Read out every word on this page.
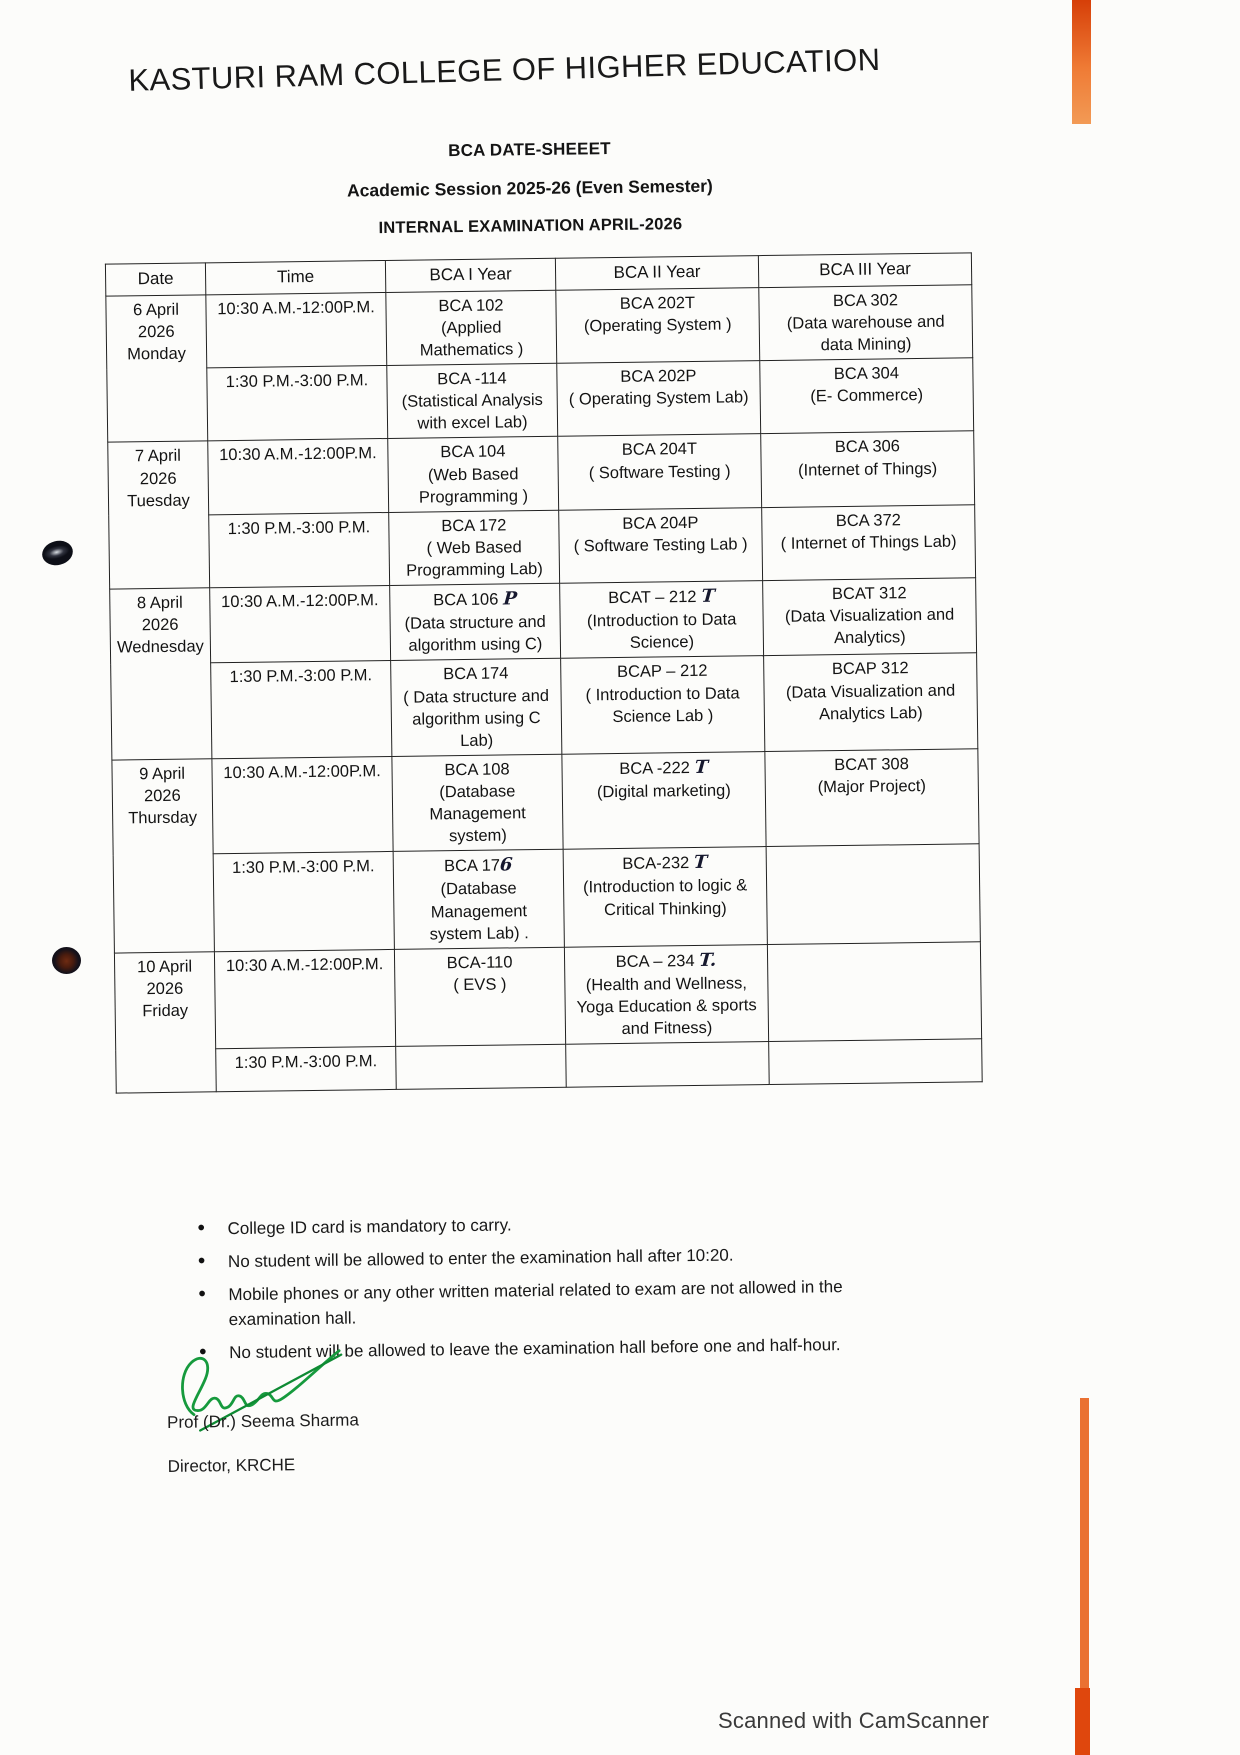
KASTURI RAM COLLEGE OF HIGHER EDUCATION
BCA DATE-SHEEET
Academic Session 2025-26 (Even Semester)
INTERNAL EXAMINATION APRIL-2026
Date	Time	BCA I Year	BCA II Year	BCA III Year

6 April
2026
Monday	10:30 A.M.-12:00P.M.	BCA 102
(Applied
Mathematics )	BCA 202T
(Operating System )	BCA 302
(Data warehouse and
data Mining)

	1:30 P.M.-3:00 P.M.	BCA -114
(Statistical Analysis
with excel Lab)	BCA 202P
( Operating System Lab)	BCA 304
(E- Commerce)

7 April
2026
Tuesday	10:30 A.M.-12:00P.M.	BCA 104
(Web Based
Programming )	BCA 204T
( Software Testing )	BCA 306
(Internet of Things)

	1:30 P.M.-3:00 P.M.	BCA 172
( Web Based
Programming Lab)	BCA 204P
( Software Testing Lab )	BCA 372
( Internet of Things Lab)

8 April
2026
Wednesday	10:30 A.M.-12:00P.M.	BCA 106 P
(Data structure and
algorithm using C)	BCAT – 212 T
(Introduction to Data
Science)	BCAT 312
(Data Visualization and
Analytics)

	1:30 P.M.-3:00 P.M.	BCA 174
( Data structure and
algorithm using C
Lab)	BCAP – 212
( Introduction to Data
Science Lab )	BCAP 312
(Data Visualization and
Analytics Lab)

9 April
2026
Thursday	10:30 A.M.-12:00P.M.	BCA 108
(Database
Management
system)	BCA -222 T
(Digital marketing)	BCAT 308
(Major Project)

	1:30 P.M.-3:00 P.M.	BCA 176
(Database
Management
system Lab) .	BCA-232 T
(Introduction to logic &
Critical Thinking)	

10 April
2026
Friday	10:30 A.M.-12:00P.M.	BCA-110
( EVS )	BCA – 234 T.
(Health and Wellness,
Yoga Education & sports
and Fitness)	

	1:30 P.M.-3:00 P.M.			
• College ID card is mandatory to carry.
• No student will be allowed to enter the examination hall after 10:20.
• Mobile phones or any other written material related to exam are not allowed in the examination hall.
• No student will be allowed to leave the examination hall before one and half-hour.
Prof (Dr.) Seema Sharma
Director, KRCHE
Scanned with CamScanner
